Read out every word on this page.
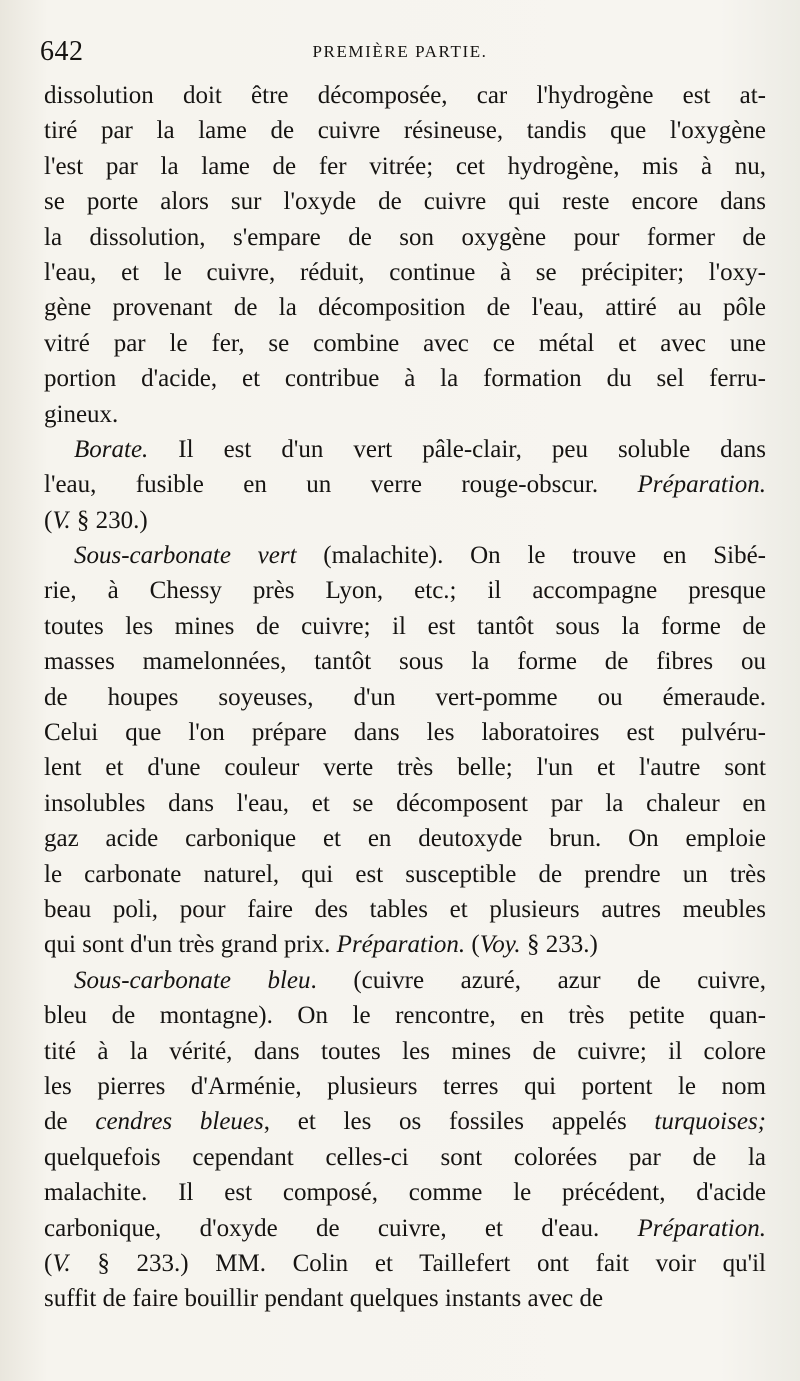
642	PREMIÈRE PARTIE.
dissolution doit être décomposée, car l'hydrogène est at-
tiré par la lame de cuivre résineuse, tandis que l'oxygène
l'est par la lame de fer vitrée; cet hydrogène, mis à nu,
se porte alors sur l'oxyde de cuivre qui reste encore dans
la dissolution, s'empare de son oxygène pour former de
l'eau, et le cuivre, réduit, continue à se précipiter; l'oxy-
gène provenant de la décomposition de l'eau, attiré au pôle
vitré par le fer, se combine avec ce métal et avec une
portion d'acide, et contribue à la formation du sel ferru-
gineux.
Borate. Il est d'un vert pâle-clair, peu soluble dans
l'eau, fusible en un verre rouge-obscur. Préparation.
(V. § 230.)
Sous-carbonate vert (malachite). On le trouve en Sibé-
rie, à Chessy près Lyon, etc.; il accompagne presque
toutes les mines de cuivre; il est tantôt sous la forme de
masses mamelonnées, tantôt sous la forme de fibres ou
de houpes soyeuses, d'un vert-pomme ou émeraude.
Celui que l'on prépare dans les laboratoires est pulvéru-
lent et d'une couleur verte très belle; l'un et l'autre sont
insolubles dans l'eau, et se décomposent par la chaleur en
gaz acide carbonique et en deutoxyde brun. On emploie
le carbonate naturel, qui est susceptible de prendre un très
beau poli, pour faire des tables et plusieurs autres meubles
qui sont d'un très grand prix. Préparation. (Voy. § 233.)
Sous-carbonate bleu. (cuivre azuré, azur de cuivre,
bleu de montagne). On le rencontre, en très petite quan-
tité à la vérité, dans toutes les mines de cuivre; il colore
les pierres d'Arménie, plusieurs terres qui portent le nom
de cendres bleues, et les os fossiles appelés turquoises;
quelquefois cependant celles-ci sont colorées par de la
malachite. Il est composé, comme le précédent, d'acide
carbonique, d'oxyde de cuivre, et d'eau. Préparation.
(V. § 233.) MM. Colin et Taillefert ont fait voir qu'il
suffit de faire bouillir pendant quelques instants avec de
